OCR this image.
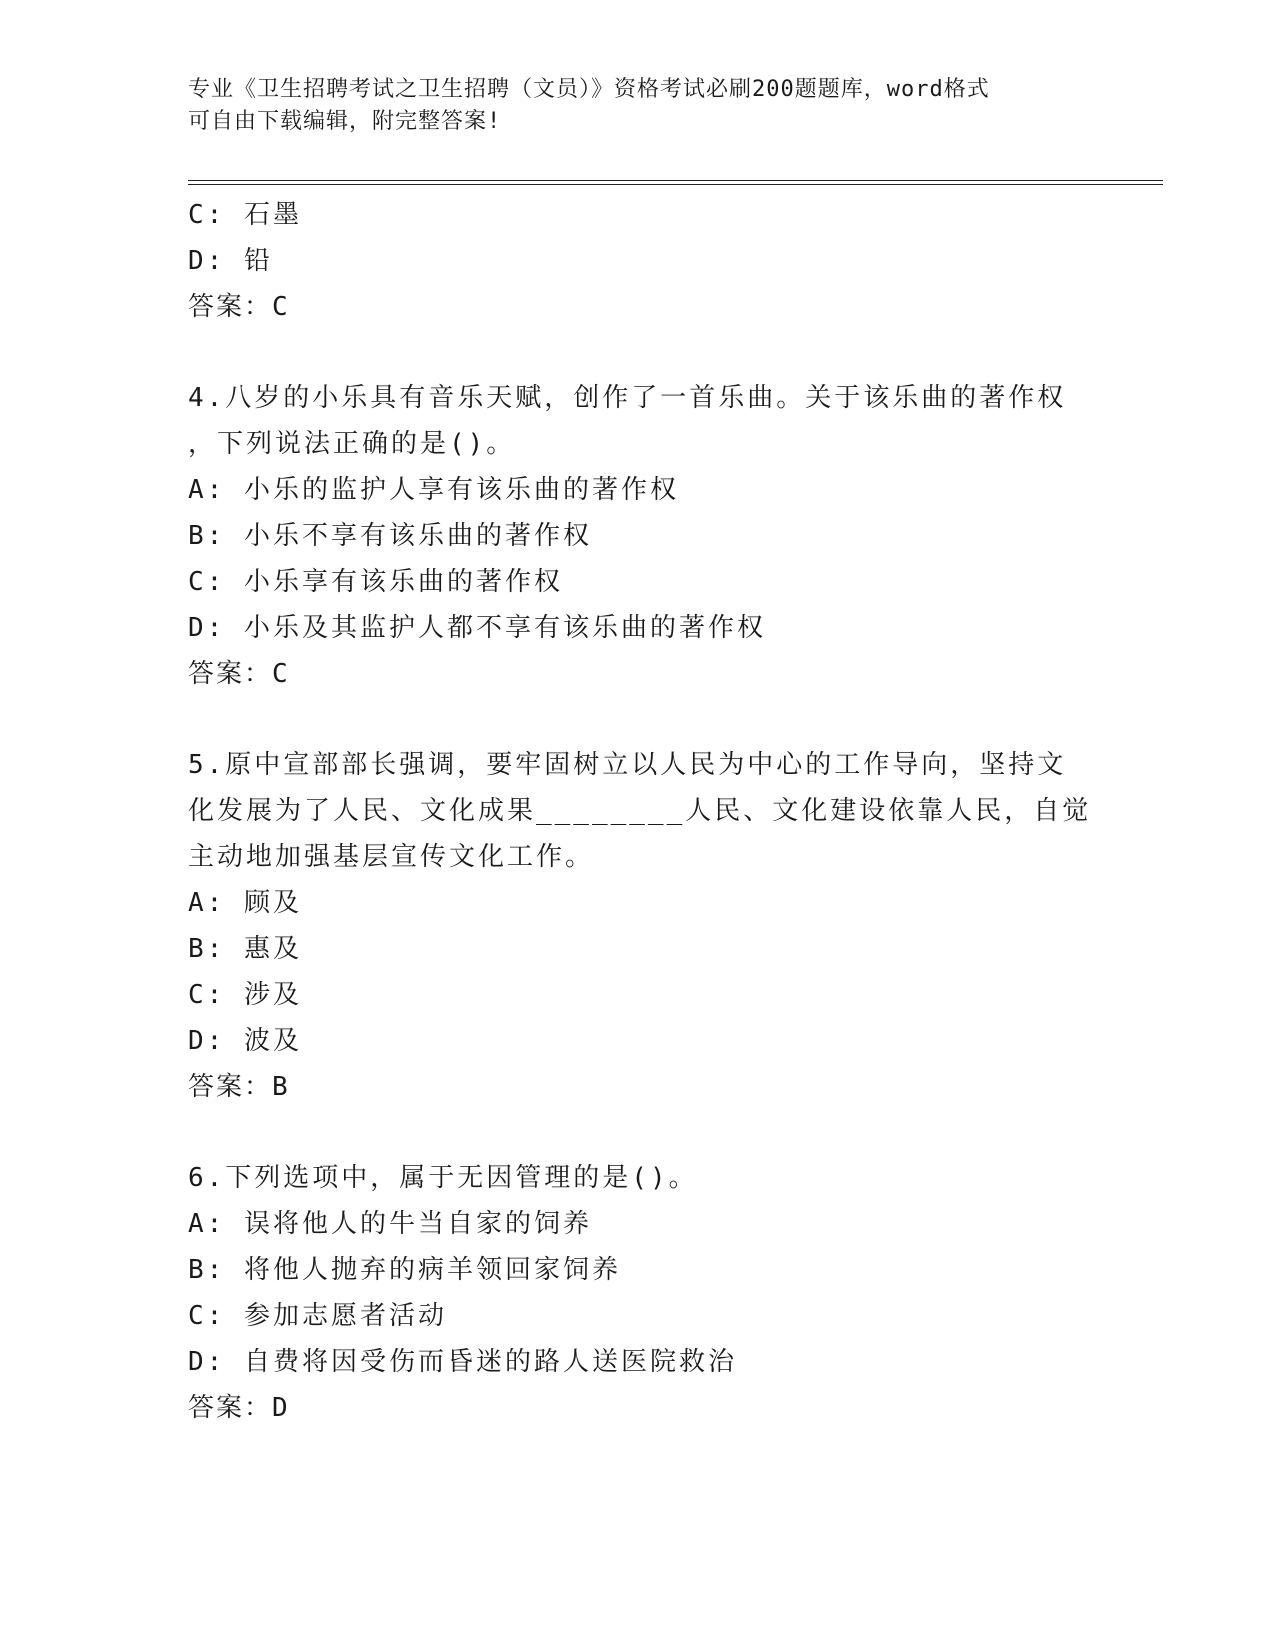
专业《卫生招聘考试之卫生招聘（文员）》资格考试必刷200题题库，word格式
可自由下载编辑，附完整答案!
C: 石墨
D: 铅
答案：C
4.八岁的小乐具有音乐天赋，创作了一首乐曲。关于该乐曲的著作权
，下列说法正确的是()。
A: 小乐的监护人享有该乐曲的著作权
B: 小乐不享有该乐曲的著作权
C: 小乐享有该乐曲的著作权
D: 小乐及其监护人都不享有该乐曲的著作权
答案：C
5.原中宣部部长强调，要牢固树立以人民为中心的工作导向，坚持文
化发展为了人民、文化成果________人民、文化建设依靠人民，自觉
主动地加强基层宣传文化工作。
A: 顾及
B: 惠及
C: 涉及
D: 波及
答案：B
6.下列选项中，属于无因管理的是()。
A: 误将他人的牛当自家的饲养
B: 将他人抛弃的病羊领回家饲养
C: 参加志愿者活动
D: 自费将因受伤而昏迷的路人送医院救治
答案：D
